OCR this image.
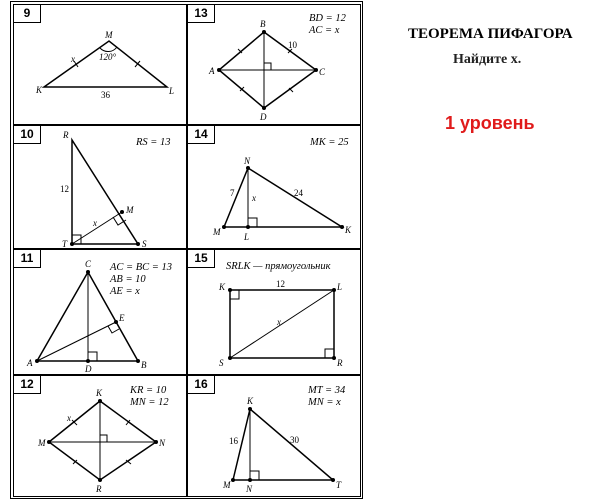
ТЕОРЕМА ПИФАГОРА
Найдите x.
1 уровень
9
M
K	L
x	120°
36
13	BD = 12
AC = x
B
A	C
D
10
10
RS = 13
R
T	S
M
x
12
14
MK = 25
N
M	L
K
x
7	24
11
AC = BC = 13
AB = 10
AE = x
C
A	B
D
E
15
SRLK — прямоугольник
K	L
S	R
x
12
12	KR = 10
MN = 12
K
M	N
R
x
16	MT = 34
MN = x
K
M N	T
16	30
